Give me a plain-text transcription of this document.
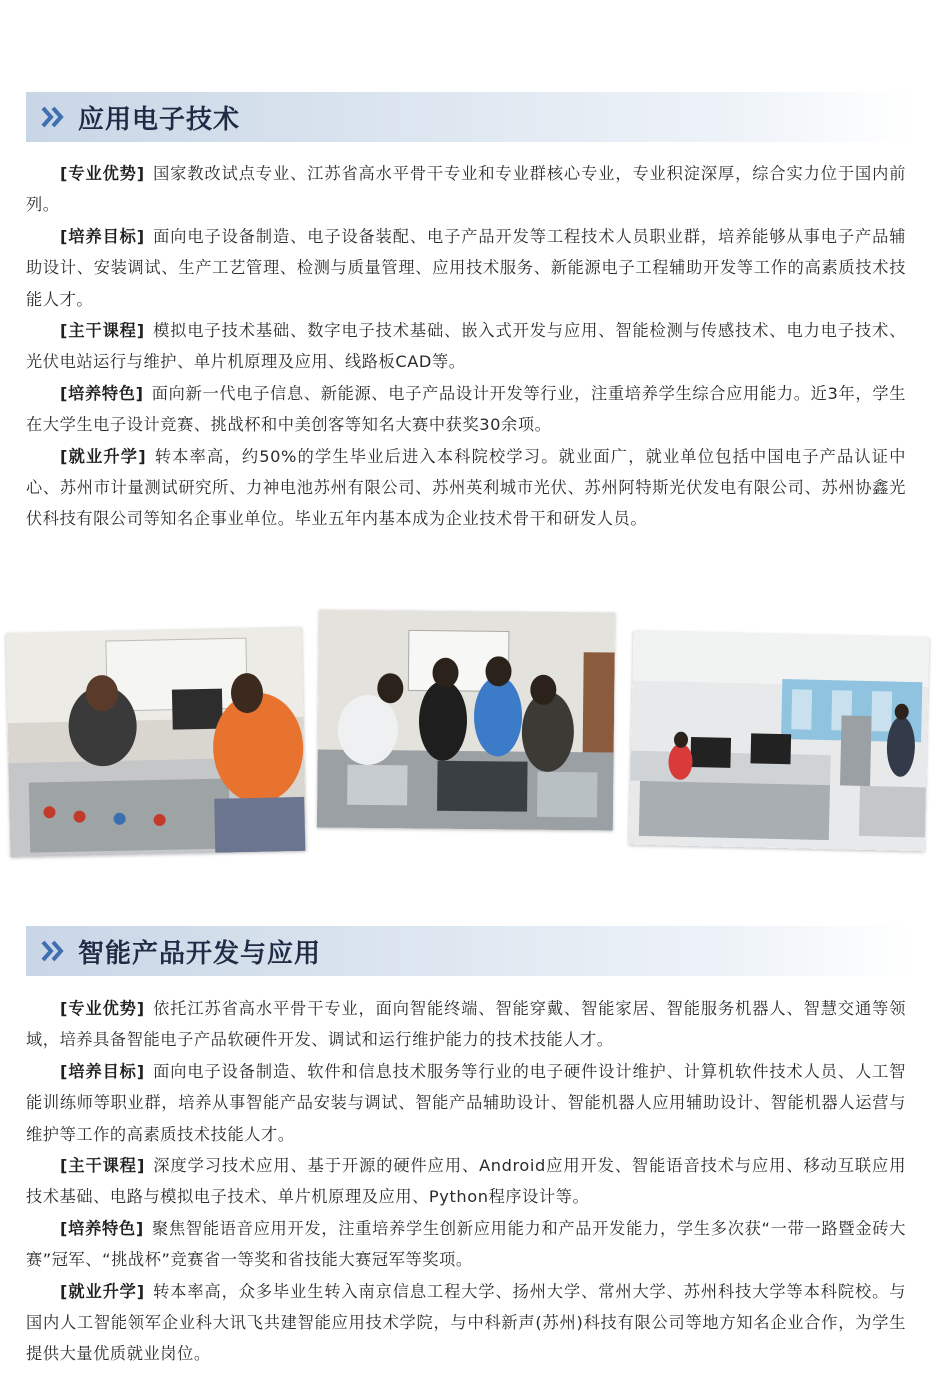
应用电子技术

[专业优势] 国家教改试点专业、江苏省高水平骨干专业和专业群核心专业，专业积淀深厚，综合实力位于国内前列。

[培养目标] 面向电子设备制造、电子设备装配、电子产品开发等工程技术人员职业群，培养能够从事电子产品辅助设计、安装调试、生产工艺管理、检测与质量管理、应用技术服务、新能源电子工程辅助开发等工作的高素质技术技能人才。

[主干课程] 模拟电子技术基础、数字电子技术基础、嵌入式开发与应用、智能检测与传感技术、电力电子技术、光伏电站运行与维护、单片机原理及应用、线路板CAD等。

[培养特色] 面向新一代电子信息、新能源、电子产品设计开发等行业，注重培养学生综合应用能力。近3年，学生在大学生电子设计竞赛、挑战杯和中美创客等知名大赛中获奖30余项。

[就业升学] 转本率高，约50%的学生毕业后进入本科院校学习。就业面广，就业单位包括中国电子产品认证中心、苏州市计量测试研究所、力神电池苏州有限公司、苏州英利城市光伏、苏州阿特斯光伏发电有限公司、苏州协鑫光伏科技有限公司等知名企事业单位。毕业五年内基本成为企业技术骨干和研发人员。

智能产品开发与应用

[专业优势] 依托江苏省高水平骨干专业，面向智能终端、智能穿戴、智能家居、智能服务机器人、智慧交通等领域，培养具备智能电子产品软硬件开发、调试和运行维护能力的技术技能人才。

[培养目标] 面向电子设备制造、软件和信息技术服务等行业的电子硬件设计维护、计算机软件技术人员、人工智能训练师等职业群，培养从事智能产品安装与调试、智能产品辅助设计、智能机器人应用辅助设计、智能机器人运营与维护等工作的高素质技术技能人才。

[主干课程] 深度学习技术应用、基于开源的硬件应用、Android应用开发、智能语音技术与应用、移动互联应用技术基础、电路与模拟电子技术、单片机原理及应用、Python程序设计等。

[培养特色] 聚焦智能语音应用开发，注重培养学生创新应用能力和产品开发能力，学生多次获“一带一路暨金砖大赛”冠军、“挑战杯”竞赛省一等奖和省技能大赛冠军等奖项。

[就业升学] 转本率高，众多毕业生转入南京信息工程大学、扬州大学、常州大学、苏州科技大学等本科院校。与国内人工智能领军企业科大讯飞共建智能应用技术学院，与中科新声(苏州)科技有限公司等地方知名企业合作，为学生提供大量优质就业岗位。
